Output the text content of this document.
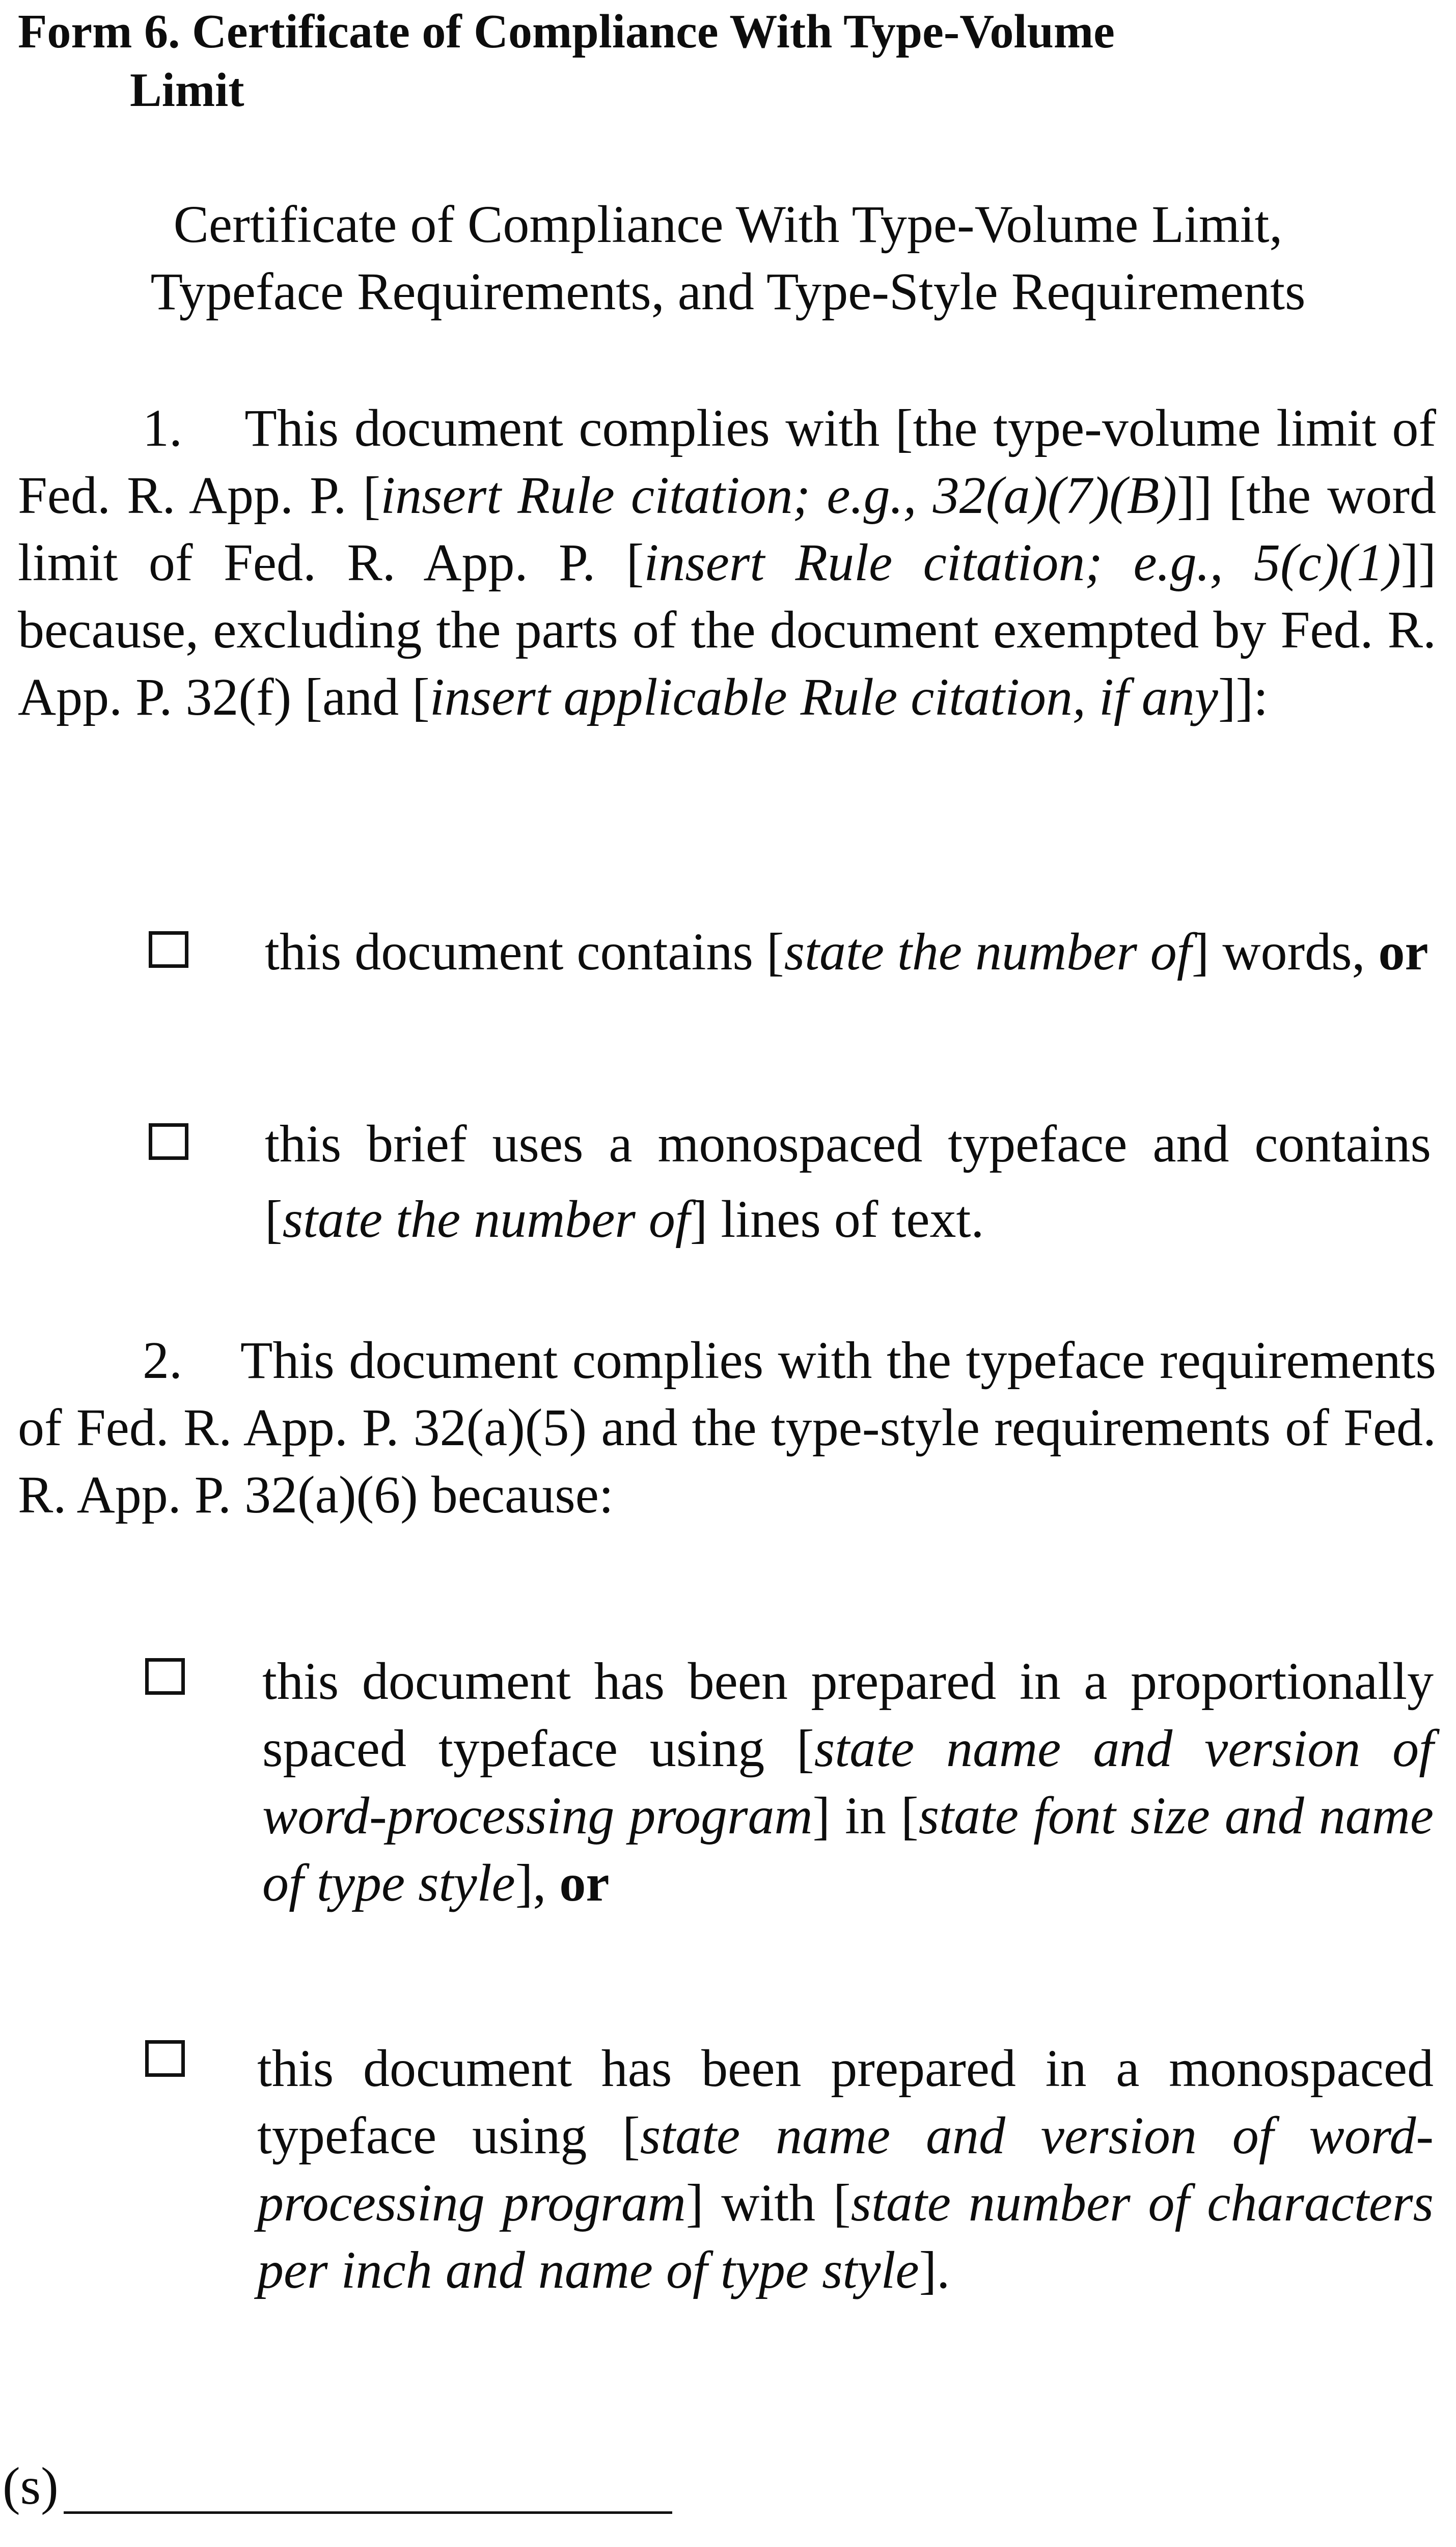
Form 6. Certificate of Compliance With Type-Volume
Limit

Certificate of Compliance With Type-Volume Limit,

Typeface Requirements, and Type-Style Requirements

1. This document complies with [the type-volume limit of Fed. R. App. P. [insert Rule citation; e.g., 32(a)(7)(B)]] [the word limit of Fed. R. App. P. [insert Rule citation; e.g., 5(c)(1)]] because, excluding the parts of the document exempted by Fed. R. App. P. 32(f) [and [insert applicable Rule citation, if any]]:

this document contains [state the number of] words, or

this brief uses a monospaced typeface and contains [state the number of] lines of text.

2. This document complies with the typeface requirements of Fed. R. App. P. 32(a)(5) and the type-style requirements of Fed. R. App. P. 32(a)(6) because:

this document has been prepared in a proportionally spaced typeface using [state name and version of word-processing program] in [state font size and name of type style], or

this document has been prepared in a monospaced typeface using [state name and version of word-processing program] with [state number of characters per inch and name of type style].

(s)
